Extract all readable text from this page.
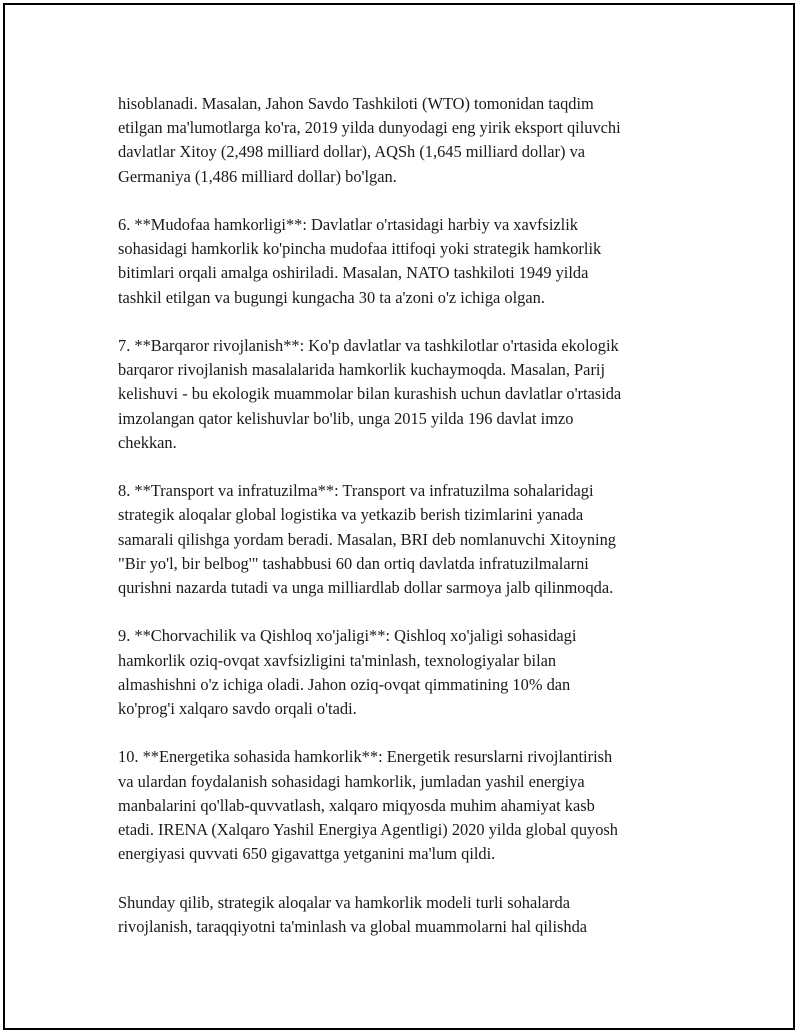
hisoblanadi. Masalan, Jahon Savdo Tashkiloti (WTO) tomonidan taqdim
etilgan ma'lumotlarga ko'ra, 2019 yilda dunyodagi eng yirik eksport qiluvchi
davlatlar Xitoy (2,498 milliard dollar), AQSh (1,645 milliard dollar) va
Germaniya (1,486 milliard dollar) bo'lgan.

6. **Mudofaa hamkorligi**: Davlatlar o'rtasidagi harbiy va xavfsizlik
sohasidagi hamkorlik ko'pincha mudofaa ittifoqi yoki strategik hamkorlik
bitimlari orqali amalga oshiriladi. Masalan, NATO tashkiloti 1949 yilda
tashkil etilgan va bugungi kungacha 30 ta a'zoni o'z ichiga olgan.

7. **Barqaror rivojlanish**: Ko'p davlatlar va tashkilotlar o'rtasida ekologik
barqaror rivojlanish masalalarida hamkorlik kuchaymoqda. Masalan, Parij
kelishuvi - bu ekologik muammolar bilan kurashish uchun davlatlar o'rtasida
imzolangan qator kelishuvlar bo'lib, unga 2015 yilda 196 davlat imzo
chekkan.

8. **Transport va infratuzilma**: Transport va infratuzilma sohalaridagi
strategik aloqalar global logistika va yetkazib berish tizimlarini yanada
samarali qilishga yordam beradi. Masalan, BRI deb nomlanuvchi Xitoyning
"Bir yo'l, bir belbog'" tashabbusi 60 dan ortiq davlatda infratuzilmalarni
qurishni nazarda tutadi va unga milliardlab dollar sarmoya jalb qilinmoqda.

9. **Chorvachilik va Qishloq xo'jaligi**: Qishloq xo'jaligi sohasidagi
hamkorlik oziq-ovqat xavfsizligini ta'minlash, texnologiyalar bilan
almashishni o'z ichiga oladi. Jahon oziq-ovqat qimmatining 10% dan
ko'prog'i xalqaro savdo orqali o'tadi.

10. **Energetika sohasida hamkorlik**: Energetik resurslarni rivojlantirish
va ulardan foydalanish sohasidagi hamkorlik, jumladan yashil energiya
manbalarini qo'llab-quvvatlash, xalqaro miqyosda muhim ahamiyat kasb
etadi. IRENA (Xalqaro Yashil Energiya Agentligi) 2020 yilda global quyosh
energiyasi quvvati 650 gigavattga yetganini ma'lum qildi.

Shunday qilib, strategik aloqalar va hamkorlik modeli turli sohalarda
rivojlanish, taraqqiyotni ta'minlash va global muammolarni hal qilishda
